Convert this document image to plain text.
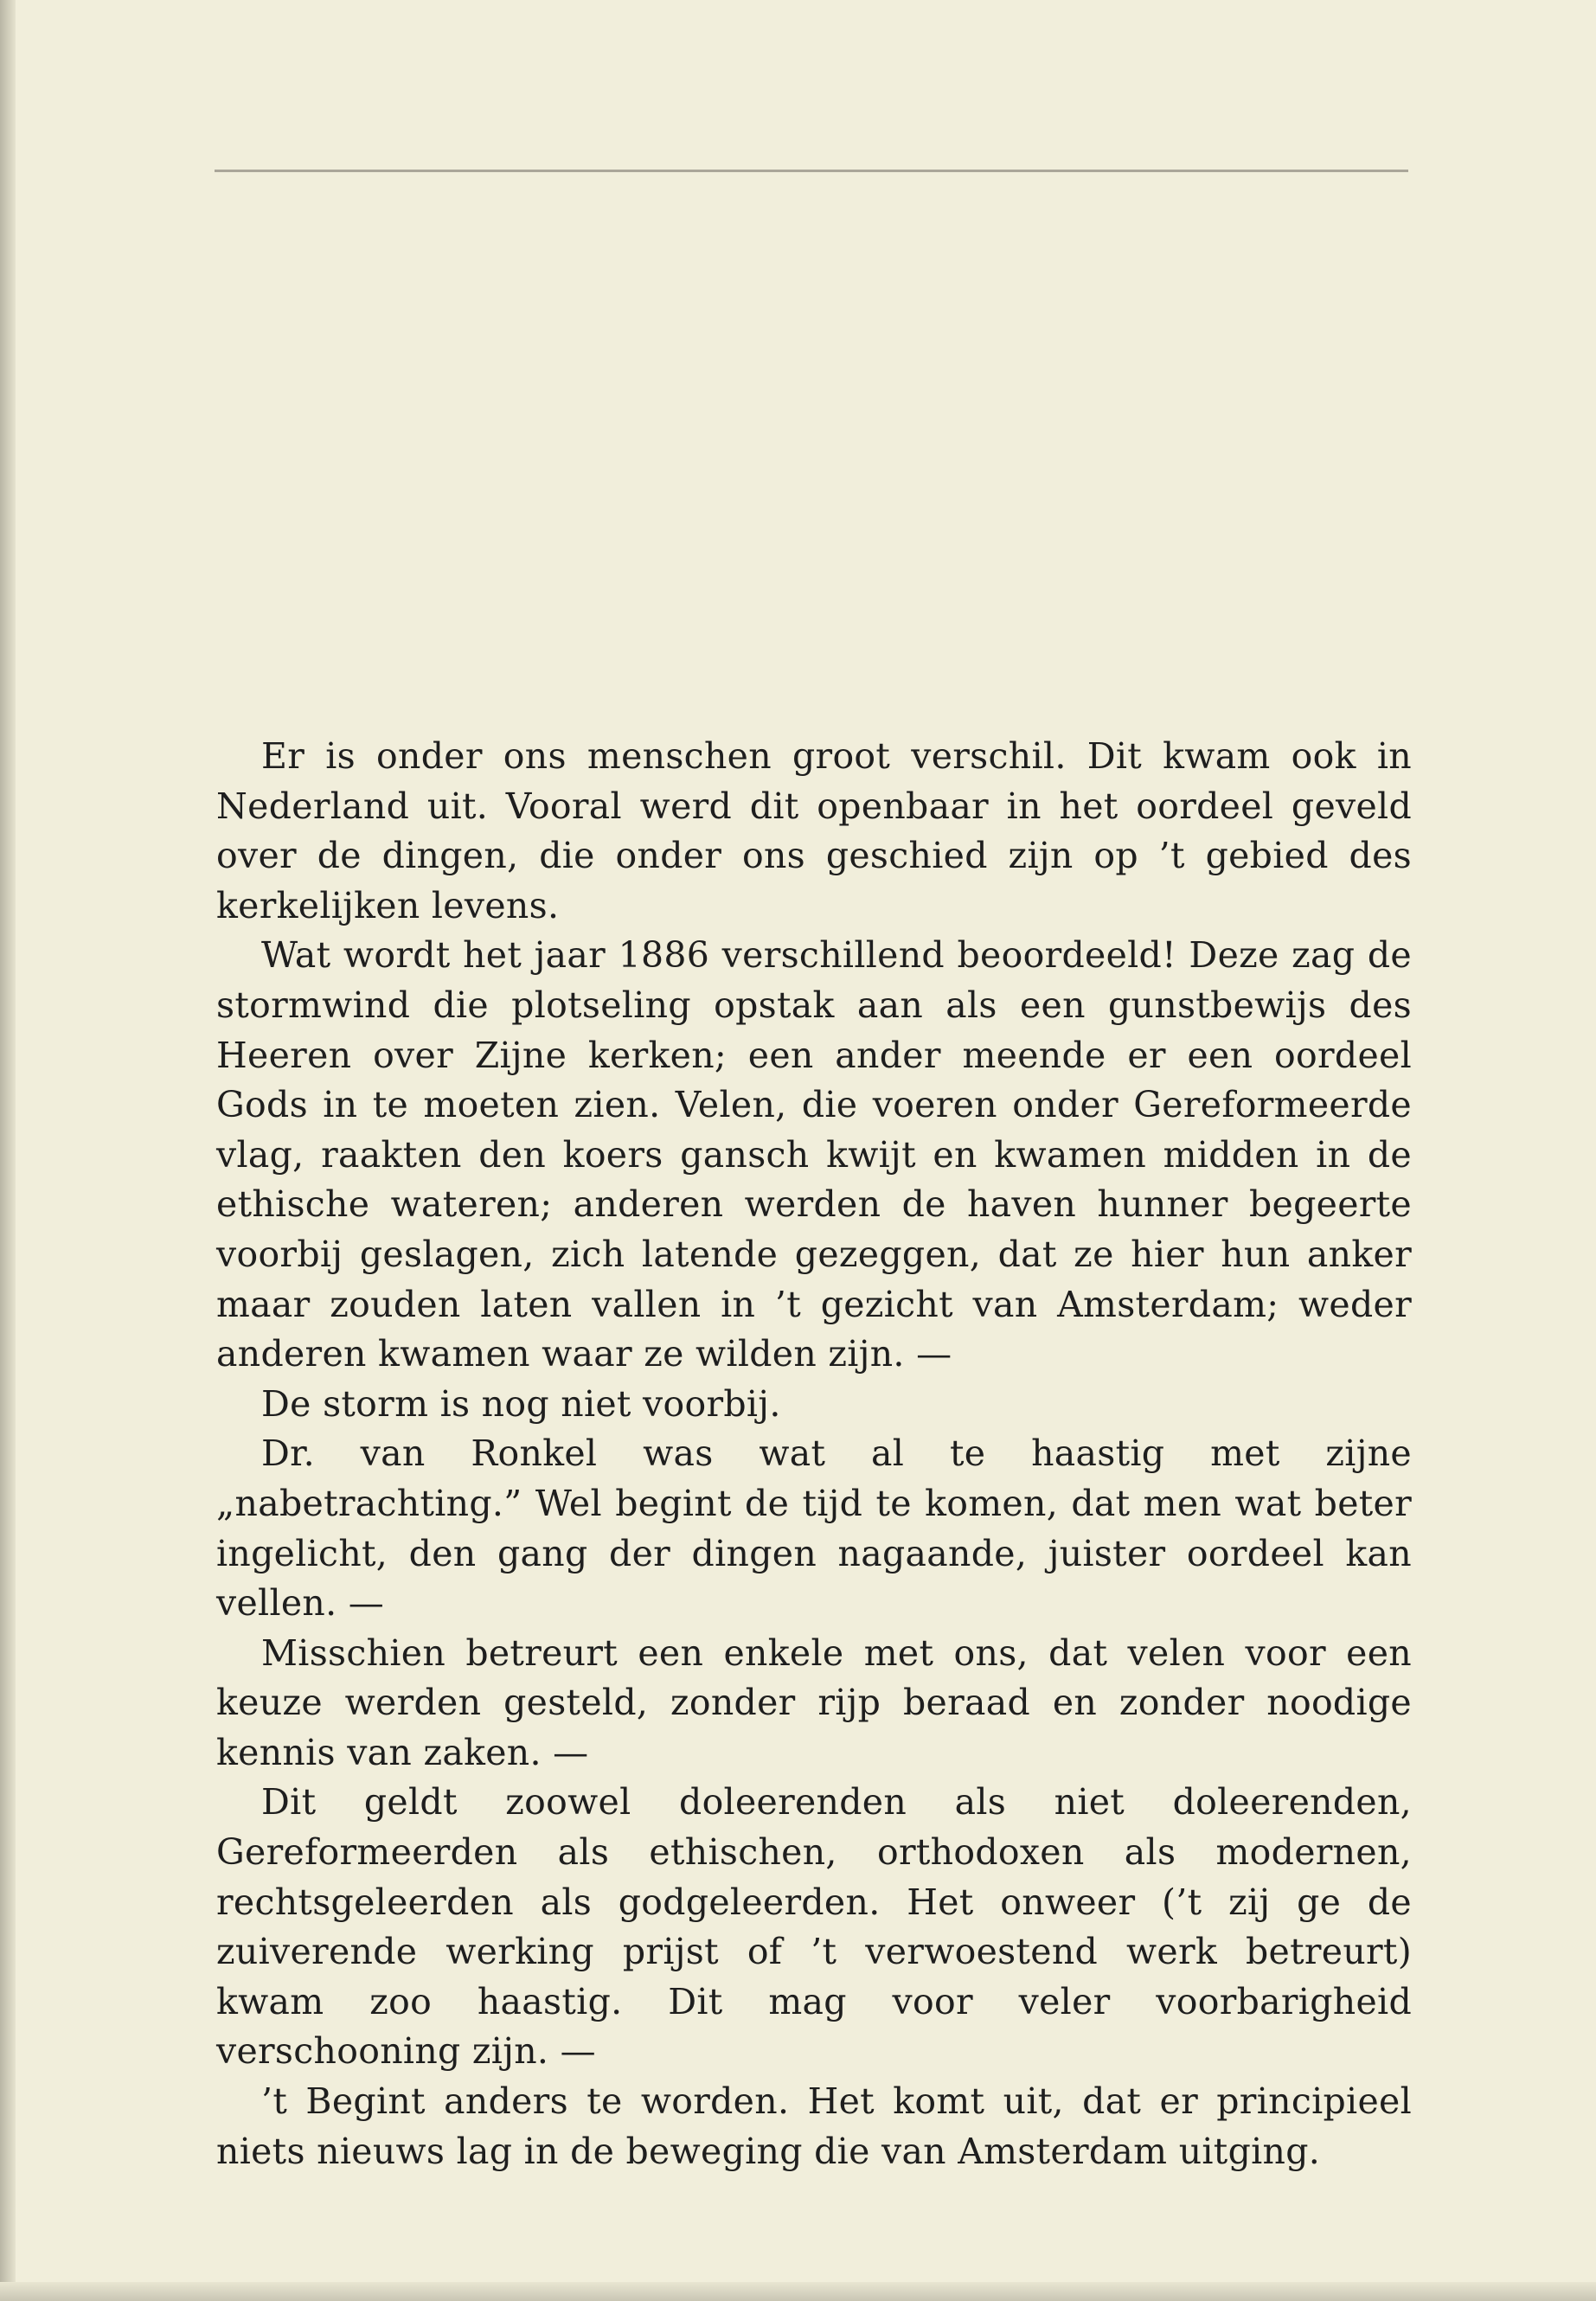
Er is onder ons menschen groot verschil. Dit kwam ook in Nederland uit. Vooral werd dit openbaar in het oordeel geveld over de dingen, die onder ons geschied zijn op ’t gebied des kerkelijken levens.

Wat wordt het jaar 1886 verschillend beoordeeld! Deze zag de stormwind die plotseling opstak aan als een gunstbewijs des Heeren over Zijne kerken; een ander meende er een oordeel Gods in te moeten zien. Velen, die voeren onder Gereformeerde vlag, raakten den koers gansch kwijt en kwamen midden in de ethische wateren; anderen werden de haven hunner begeerte voorbij geslagen, zich latende gezeggen, dat ze hier hun anker maar zouden laten vallen in ’t gezicht van Amsterdam; weder anderen kwamen waar ze wilden zijn. —

De storm is nog niet voorbij.

Dr. van Ronkel was wat al te haastig met zijne „nabetrachting.” Wel begint de tijd te komen, dat men wat beter ingelicht, den gang der dingen nagaande, juister oordeel kan vellen. —

Misschien betreurt een enkele met ons, dat velen voor een keuze werden gesteld, zonder rijp beraad en zonder noodige kennis van zaken. —

Dit geldt zoowel doleerenden als niet doleerenden, Gereformeerden als ethischen, orthodoxen als modernen, rechtsgeleerden als godgeleerden. Het onweer (’t zij ge de zuiverende werking prijst of ’t verwoestend werk betreurt) kwam zoo haastig. Dit mag voor veler voorbarigheid verschooning zijn. —

’t Begint anders te worden. Het komt uit, dat er principieel niets nieuws lag in de beweging die van Amsterdam uitging.
